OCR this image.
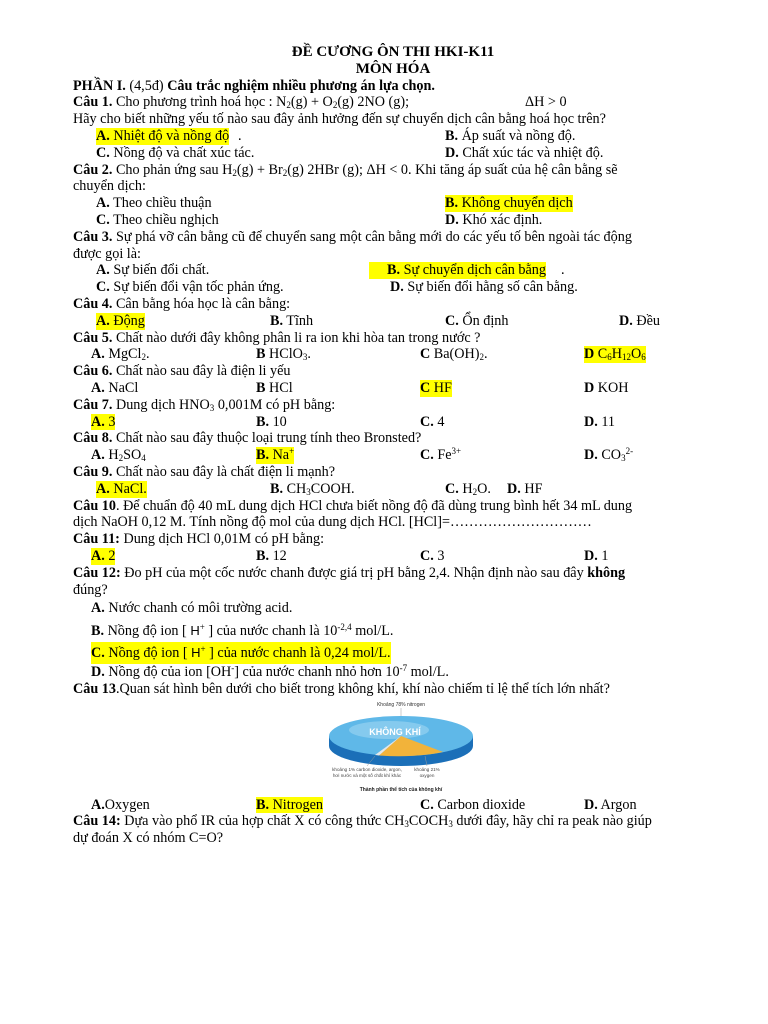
ĐỀ CƯƠNG ÔN THI HKI-K11
MÔN HÓA
PHẦN I. (4,5đ) Câu trắc nghiệm nhiều phương án lựa chọn.
Câu 1. Cho phương trình hoá học : $N_2(g) + O_2(g)$ 2NO (g);	ΔH > 0
Hãy cho biết những yếu tố nào sau đây ảnh hưởng đến sự chuyển dịch cân bằng hoá học trên?
A. Nhiệt độ và nồng độ .	B. Áp suất và nồng độ.
C. Nồng độ và chất xúc tác.	D. Chất xúc tác và nhiệt độ.
Câu 2. Cho phản ứng sau $H_2(g) + Br_2(g)$ 2HBr (g); ΔH < 0. Khi tăng áp suất của hệ cân bằng sẽ
chuyển dịch:
A. Theo chiều thuận	B. Không chuyển dịch
C. Theo chiều nghịch	D. Khó xác định.
Câu 3. Sự phá vỡ cân bằng cũ để chuyển sang một cân bằng mới do các yếu tố bên ngoài tác động
được gọi là:
A. Sự biến đổi chất.	B. Sự chuyển dịch cân bằng .
C. Sự biến đổi vận tốc phản ứng.	D. Sự biến đổi hằng số cân bằng.
Câu 4. Cân bằng hóa học là cân bằng:
A. Động	B. Tĩnh	C. Ổn định	D. Đều
Câu 5. Chất nào dưới đây không phân li ra ion khi hòa tan trong nước ?
A. MgCl$_2$.	B HClO$_3$.	C $Ba(OH)_2$.	D $C_6H_{12}O_6$
Câu 6. Chất nào sau đây là điện li yếu
A. NaCl	B HCl	C HF	D KOH
Câu 7. Dung dịch $HNO_3$ 0,001M có pH bằng:
A. 3	B. 10	C. 4	D. 11
Câu 8. Chất nào sau đây thuộc loại trung tính theo Bronsted?
A. $H_2SO_4$	B. Na+	C. $Fe^{3+}$	D. $CO_3^{2-}$
Câu 9. Chất nào sau đây là chất điện li mạnh?
A. NaCl.	B. $CH_3COOH$.	C. $H_2O$. D. HF
Câu 10. Để chuẩn độ 40 mL dung dịch HCl chưa biết nồng độ đã dùng trung bình hết 34 mL dung
dịch NaOH 0,12 M. Tính nồng độ mol của dung dịch HCl. [HCl]=…………………………
Câu 11: Dung dịch HCl 0,01M có pH bằng:
A. 2	B. 12	C. 3	D. 1
Câu 12: Đo pH của một cốc nước chanh được giá trị pH bằng 2,4. Nhận định nào sau đây không
đúng?
A. Nước chanh có môi trường acid.
B. Nồng độ ion [ H+ ] của nước chanh là $10^{-2,4}$ mol/L.
C. Nồng độ ion [ H+ ] của nước chanh là 0,24 mol/L.
D. Nồng độ của ion [OH-] của nước chanh nhỏ hơn $10^{-7}$ mol/L.
Câu 13.Quan sát hình bên dưới cho biết trong không khí, khí nào chiếm tỉ lệ thể tích lớn nhất?
Khoảng 78% nitrogen
KHÔNG KHÍ
khoảng 1% carbon dioxide, argon,
hơi nước và một số chất khí khác
khoảng 21%
oxygen
Thành phần thể tích của không khí
A.Oxygen	B. Nitrogen	C. Carbon dioxide	D. Argon
Câu 14: Dựa vào phổ IR của hợp chất X có công thức $CH_3COCH_3$ dưới đây, hãy chỉ ra peak nào giúp
dự đoán X có nhóm C=O?
